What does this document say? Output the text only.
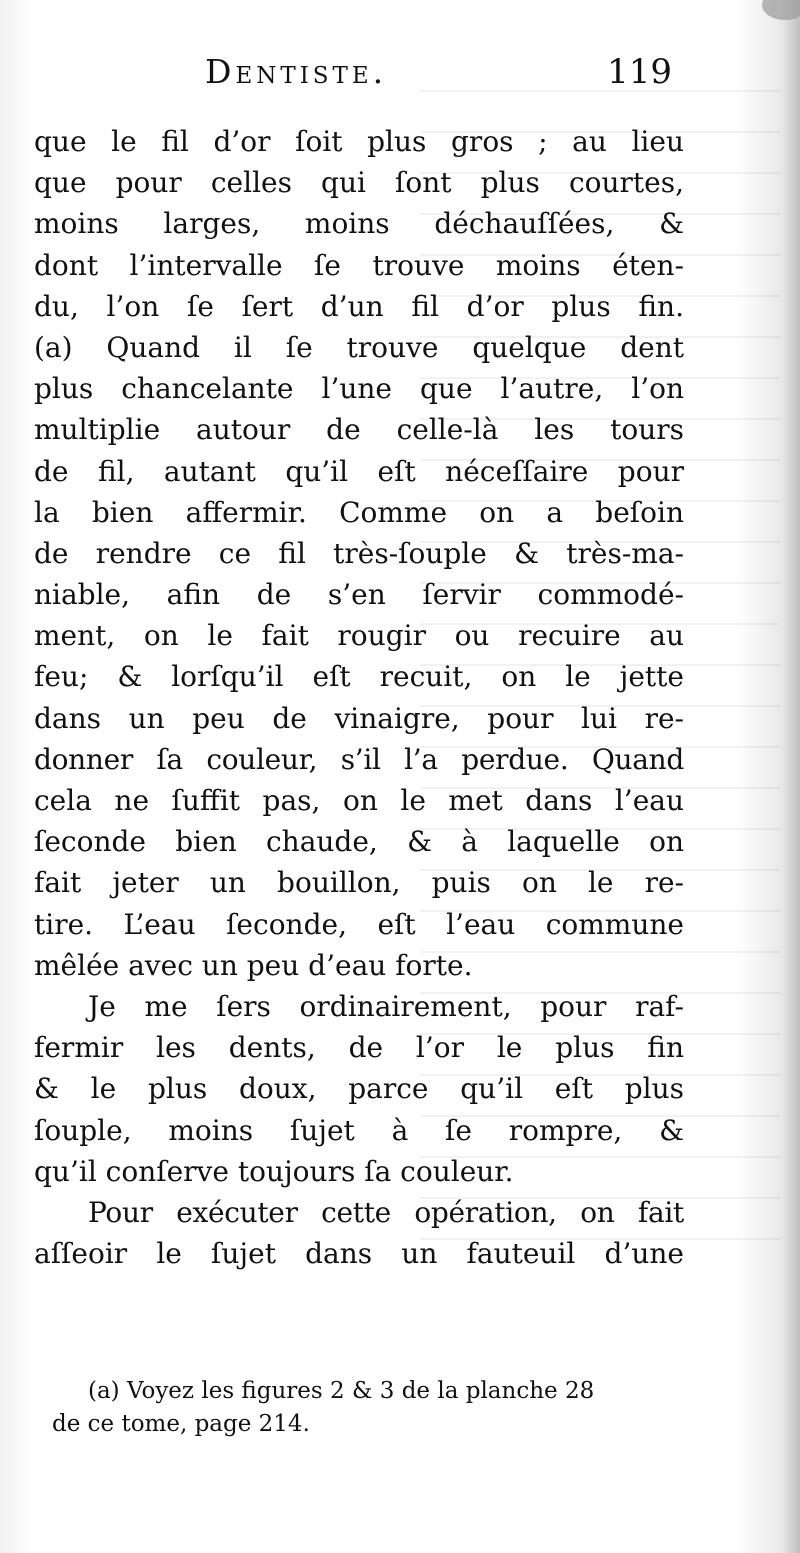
Dentiste.	119
que le fil d’or ſoit plus gros ; au lieu
que pour celles qui ſont plus courtes,
moins larges, moins déchauſſées, &
dont l’intervalle ſe trouve moins éten-
du, l’on ſe ſert d’un fil d’or plus fin.
(a) Quand il ſe trouve quelque dent
plus chancelante l’une que l’autre, l’on
multiplie autour de celle-là les tours
de fil, autant qu’il eſt néceſſaire pour
la bien affermir. Comme on a beſoin
de rendre ce fil très-ſouple & très-ma-
niable, afin de s’en ſervir commodé-
ment, on le fait rougir ou recuire au
feu; & lorſqu’il eſt recuit, on le jette
dans un peu de vinaigre, pour lui re-
donner ſa couleur, s’il l’a perdue. Quand
cela ne ſuffit pas, on le met dans l’eau
ſeconde bien chaude, & à laquelle on
fait jeter un bouillon, puis on le re-
tire. L’eau ſeconde, eſt l’eau commune
mêlée avec un peu d’eau forte.
Je me ſers ordinairement, pour raf-
fermir les dents, de l’or le plus fin
& le plus doux, parce qu’il eſt plus
ſouple, moins ſujet à ſe rompre, &
qu’il conſerve toujours ſa couleur.
Pour exécuter cette opération, on fait
aſſeoir le ſujet dans un fauteuil d’une
(a) Voyez les figures 2 & 3 de la planche 28
de ce tome, page 214.
